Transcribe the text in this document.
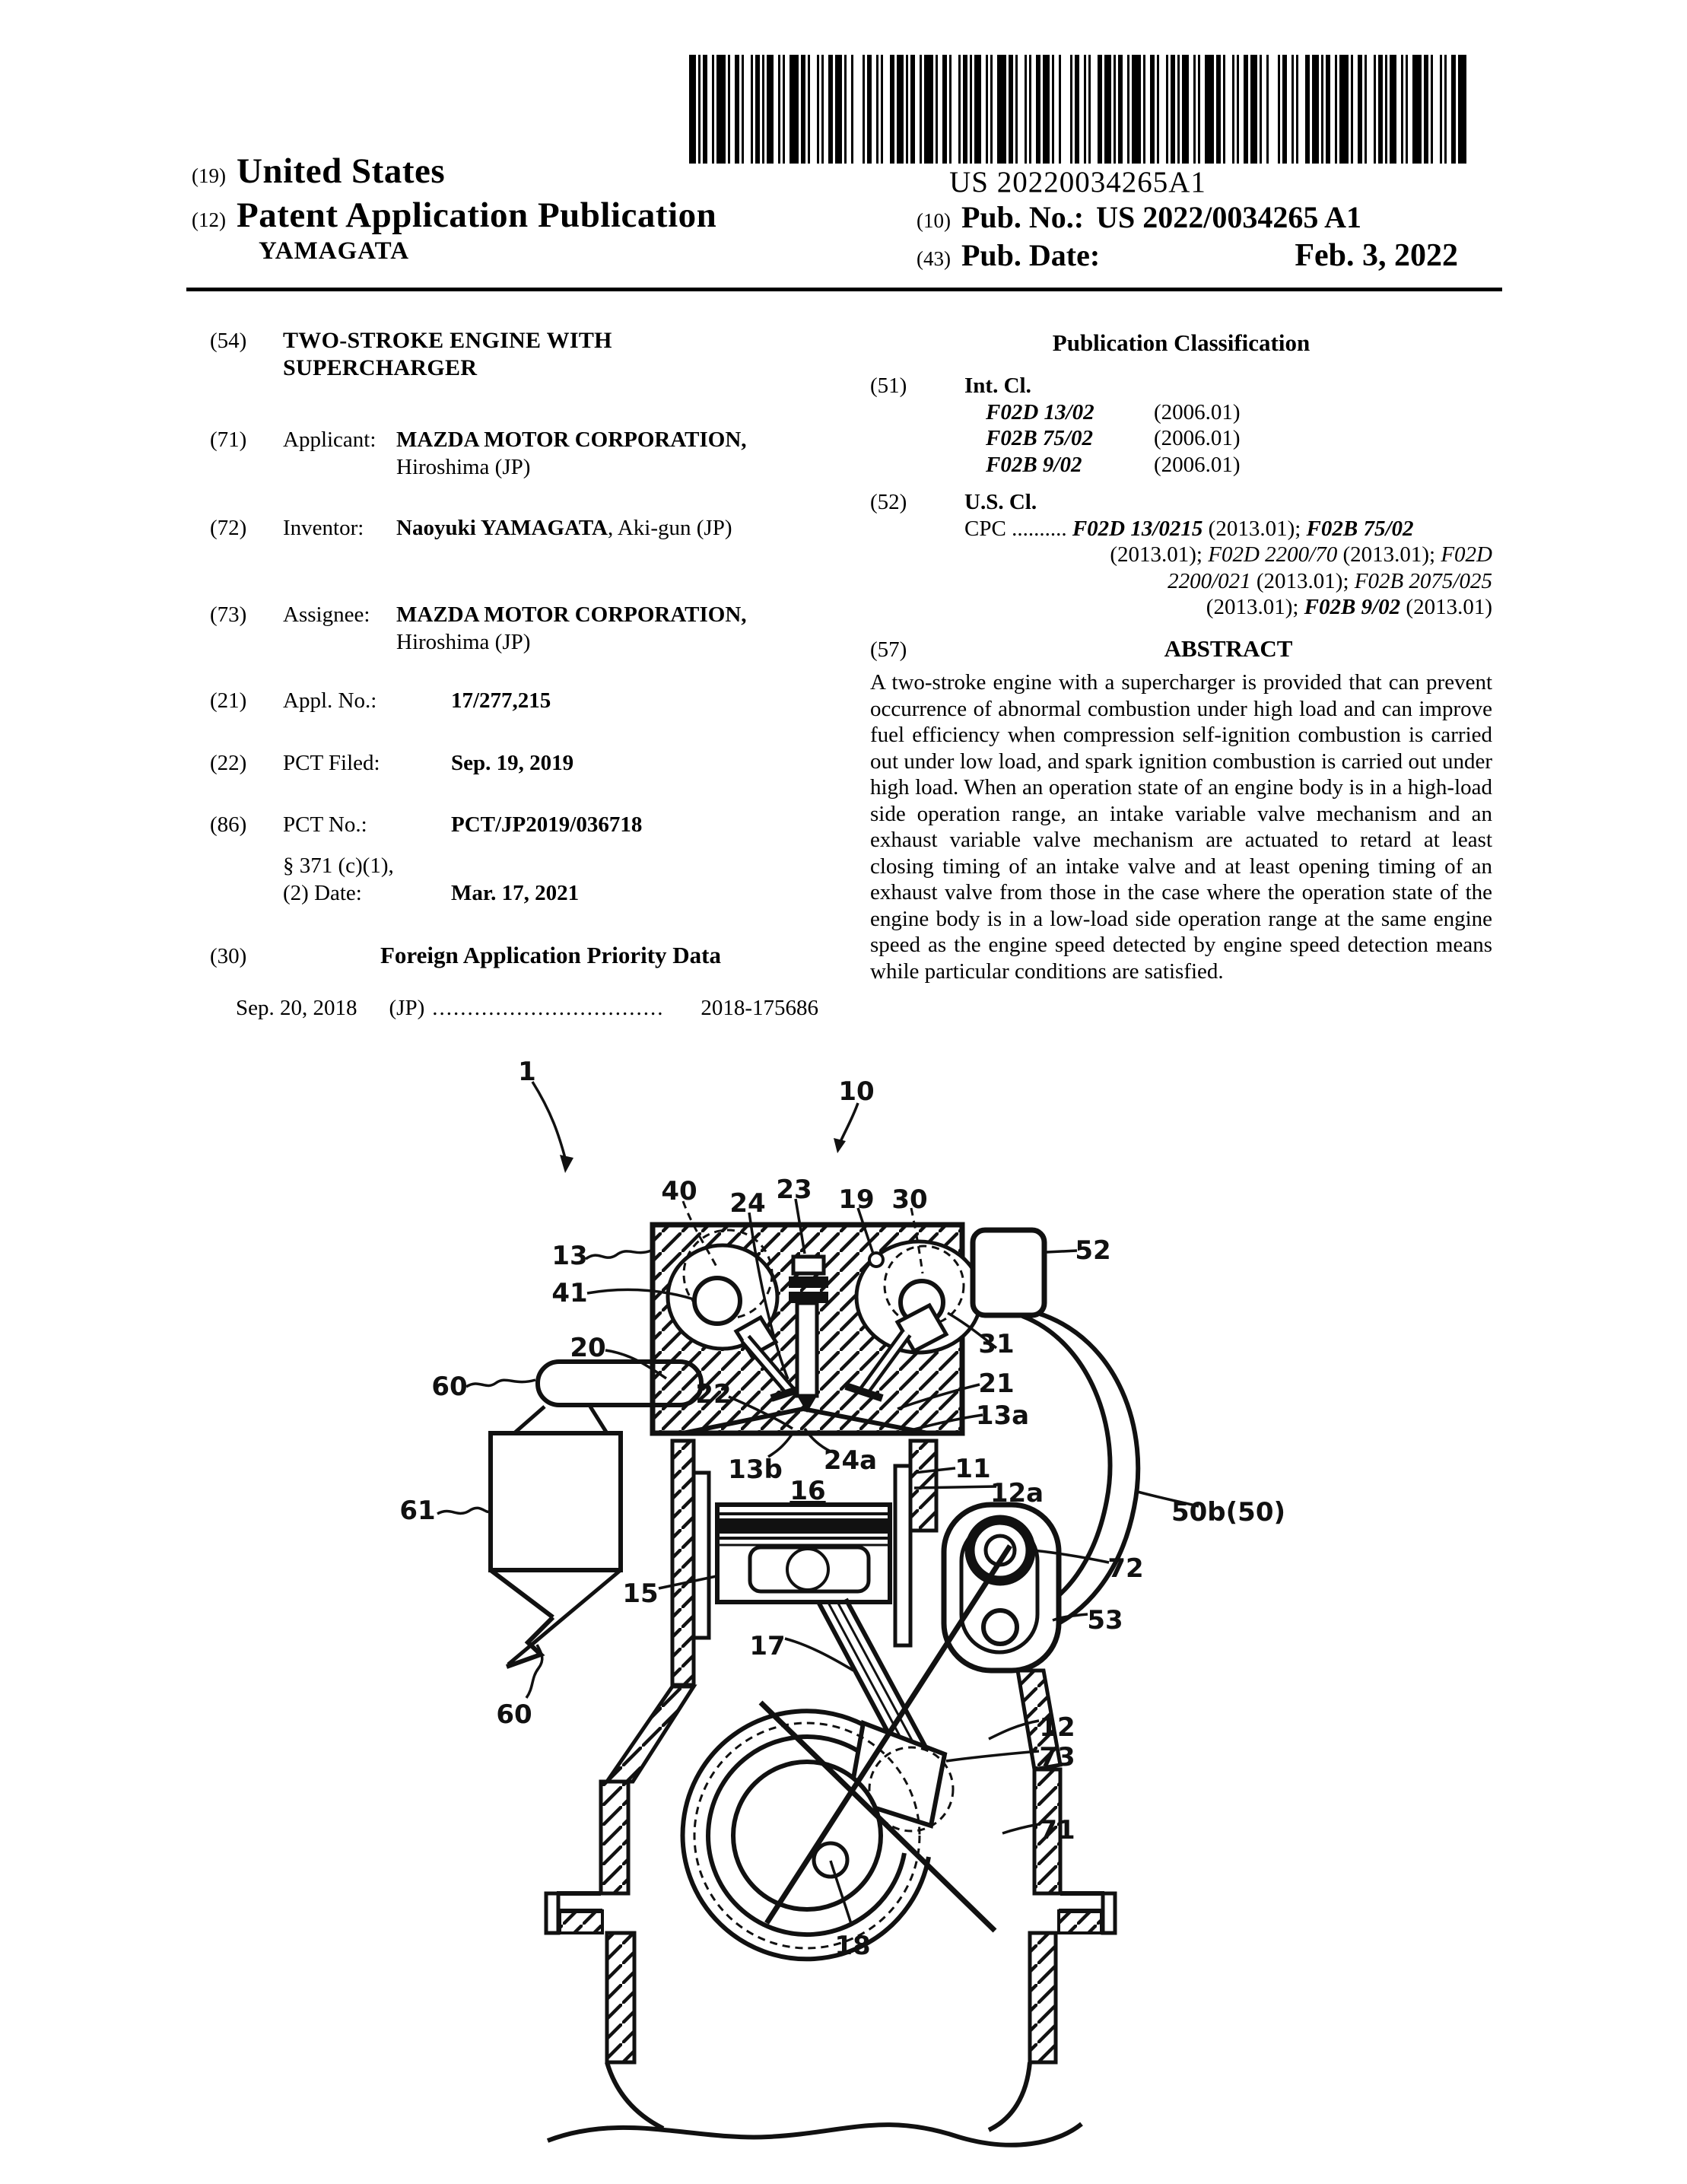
US 20220034265A1
(19) United States
(12) Patent Application Publication	(10) Pub. No.: US 2022/0034265 A1
YAMAGATA	(43) Pub. Date:	Feb. 3, 2022
(54)	TWO-STROKE ENGINE WITH
SUPERCHARGER
(71)	Applicant: MAZDA MOTOR CORPORATION,
Hiroshima (JP)
(72)	Inventor:	Naoyuki YAMAGATA, Aki-gun (JP)
(73)	Assignee:	MAZDA MOTOR CORPORATION,
Hiroshima (JP)
(21)	Appl. No.:	17/277,215
(22)	PCT Filed:	Sep. 19, 2019
(86)	PCT No.:	PCT/JP2019/036718
§ 371 (c)(1),

(2) Date:	Mar. 17, 2021
(30)	Foreign Application Priority Data
Sep. 20, 2018 (JP) .................................	2018-175686
Publication Classification
(51)	Int. Cl.
F02D 13/02	(2006.01)
F02B 75/02	(2006.01)
F02B 9/02	(2006.01)
(52)	U.S. Cl.
CPC .......... F02D 13/0215 (2013.01); F02B 75/02
(2013.01); F02D 2200/70 (2013.01); F02D
2200/021 (2013.01); F02B 2075/025
(2013.01); F02B 9/02 (2013.01)
(57)	ABSTRACT
A two-stroke engine with a supercharger is provided that can prevent occurrence of abnormal combustion under high load and can improve fuel efficiency when compression self-ignition combustion is carried out under low load, and spark ignition combustion is carried out under high load. When an operation state of an engine body is in a high-load side operation range, an intake variable valve mechanism and an exhaust variable valve mechanism are actuated to retard at least closing timing of an intake valve and at least opening timing of an exhaust valve from those in the case where the operation state of the engine body is in a low-load side operation range at the same engine speed as the engine speed detected by engine speed detection means while particular conditions are satisfied.
1
10
40 24 23 19 30
13	52
41
31
20
60	22	21
13a
61
13b 24a
16
11
12a
50b(50)
15
72
53
17
60	12
73
71
18
